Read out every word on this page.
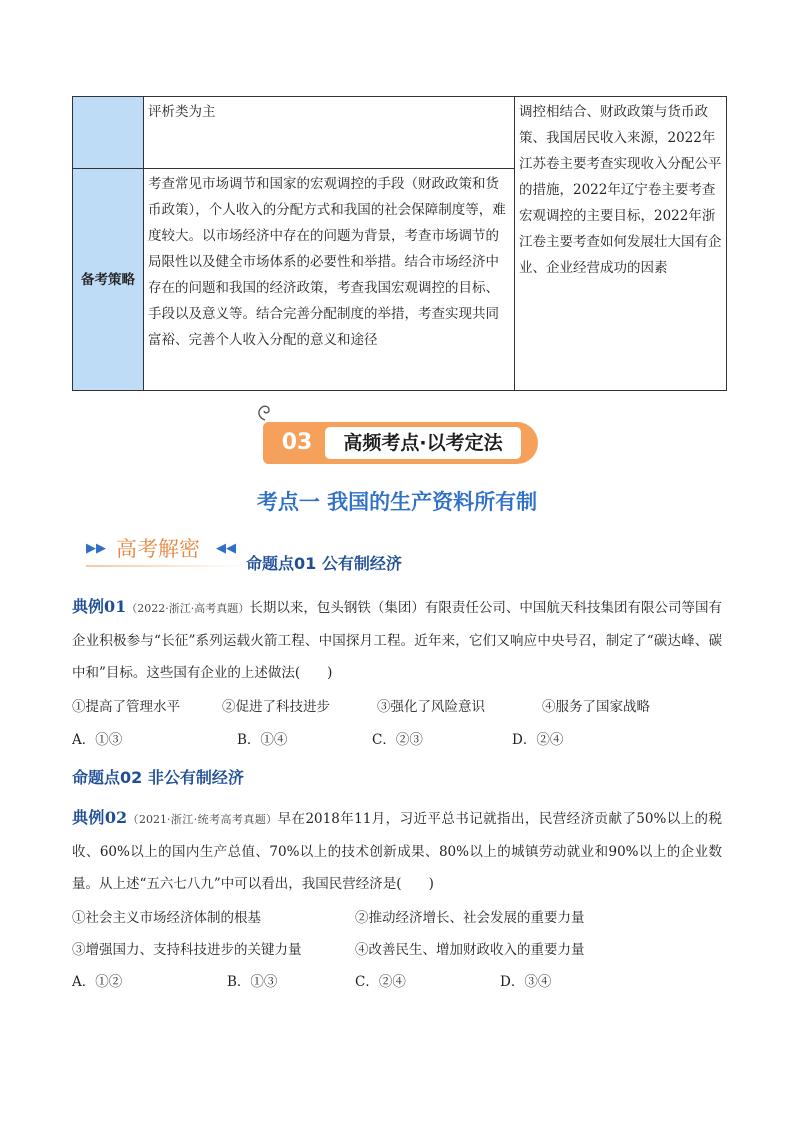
	评析类为主	调控相结合、财政政策与货币政策、我国居民收入来源，2022年江苏卷主要考查实现收入分配公平的措施，2022年辽宁卷主要考查宏观调控的主要目标，2022年浙江卷主要考查如何发展壮大国有企业、企业经营成功的因素

备考策略	考查常见市场调节和国家的宏观调控的手段（财政政策和货币政策），个人收入的分配方式和我国的社会保障制度等，难度较大。以市场经济中存在的问题为背景，考查市场调节的局限性以及健全市场体系的必要性和举措。结合市场经济中存在的问题和我国的经济政策，考查我国宏观调控的目标、手段以及意义等。结合完善分配制度的举措，考查实现共同富裕、完善个人收入分配的意义和途径	
03	高频考点·以考定法
考点一 我国的生产资料所有制
▶▶ 高考解密 ◀◀
命题点01 公有制经济
典例01（2022·浙江·高考真题）长期以来，包头钢铁（集团）有限责任公司、中国航天科技集团有限公司等国有企业积极参与“长征”系列运载火箭工程、中国探月工程。近年来，它们又响应中央号召，制定了“碳达峰、碳中和”目标。这些国有企业的上述做法(　　)
①提高了管理水平	②促进了科技进步	③强化了风险意识	④服务了国家战略
A．①③	B．①④	C．②③	D．②④
命题点02 非公有制经济
典例02（2021·浙江·统考高考真题）早在2018年11月，习近平总书记就指出，民营经济贡献了50%以上的税收、60%以上的国内生产总值、70%以上的技术创新成果、80%以上的城镇劳动就业和90%以上的企业数量。从上述“五六七八九”中可以看出，我国民营经济是(　　)
①社会主义市场经济体制的根基	②推动经济增长、社会发展的重要力量
③增强国力、支持科技进步的关键力量	④改善民生、增加财政收入的重要力量
A．①②	B．①③	C．②④	D．③④
